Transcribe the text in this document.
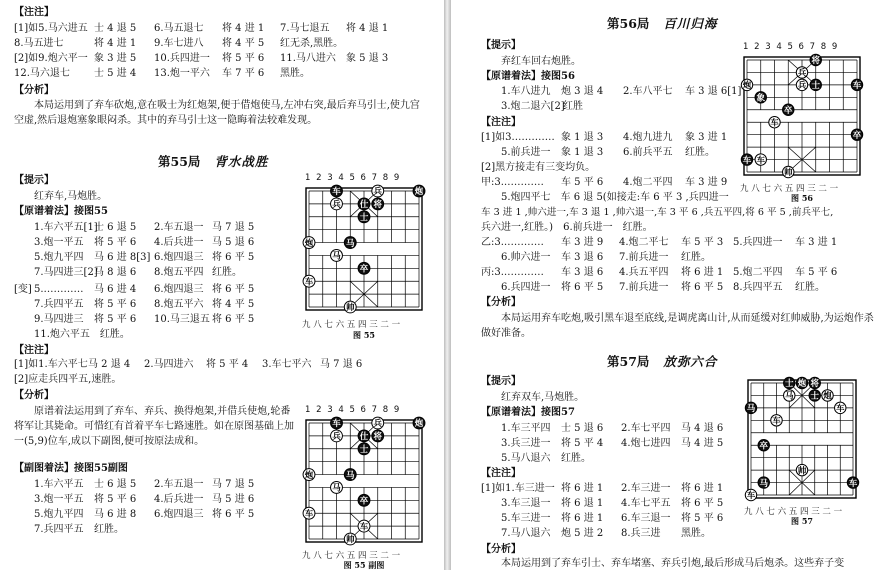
【注注】
[1]如5.马六进五 士 4 退 5 6.马五退七 将 4 进 1 7.马七退五 将 4 退 1
8.马五进七	将 4 进 1 9.车七进八 将 4 平 5 红无杀,黑胜。
[2]如9.炮六平一 象 3 进 5 10.兵四进一 将 5 平 6 11.马八进六 象 5 退 3
12.马六退七 士 5 进 4 13.炮一平六 车 7 平 6 黑胜。
【分析】
本局运用到了弃车砍炮,意在吸士为红炮架,便于借炮使马,左冲右突,最后弃马引士,使九宫空虚,然后退炮塞象眼闷杀。其中的弃马引士这一隐晦着法较难发现。
第55局 背水战胜
【提示】
红弃车,马炮胜。
【原谱着法】接图55
1.车六平五[1]士 6 退 5 2.车五退一 马 7 退 5
3.炮一平五 将 5 平 6 4.后兵进一 马 5 退 6
5.炮九平四 马 6 进 8[3] 6.炮四退三 将 6 平 5
7.马四进三[2]马 8 退 6 8.炮五平四 红胜。
[变] 5.………… 马 6 进 4 6.炮四退三 将 6 平 5
7.兵四平五 将 5 平 6 8.炮五平六 将 4 平 5
9.马四进三 将 5 平 6 10.马三退五 将 6 平 5
11.炮六平五　红胜。
【注注】
[1]如1.车六平七马 2 退 4 2.马四进六 将 5 平 4 3.车七平六 马 7 退 6
[2]应走兵四平五,速胜。
【分析】
原谱着法运用到了弃车、弃兵、换得炮架,并借兵使炮,轮番将军让其毙命。可惜红有首着平车七路速胜。如在原图基础上加一(5,9)位车,成以下副图,便可按原法成和。
【副图着法】接图55副图
1.车六平五 士 6 退 5 2.车五退一 马 7 退 5
3.炮一平五 将 5 平 6 4.后兵进一 马 5 进 6
5.炮九平四 马 6 进 8 6.炮四退三 将 6 平 5
7.兵四平五 红胜。
1 2 3 4 5 6 7 8 9
车	兵	炮
兵 仕 将
士
炮	马
马
卒
车
帅
九 八 七 六 五 四 三 二 一
图 55
1 2 3 4 5 6 7 8 9
车	兵	炮
兵 仕 将
士
炮	马
马
卒
车
车
帅
九 八 七 六 五 四 三 二 一
图 55 副图
第56局 百川归海
【提示】
弃红车回右炮胜。
【原谱着法】接图56
1.车八进九 炮 3 退 4 2.车八平七 车 3 退 6[1]
3.炮二退六[2]红胜
【注注】
[1]如3.………… 象 1 退 3 4.炮九进九 象 3 进 1
5.前兵进一 象 1 退 3 6.前兵平五 红胜。
[2]黑方接走有三变均负。
甲:3.………… 车 5 平 6 4.炮二平四 车 3 进 9
5.炮四平七　车 6 退 5(如接走:车 6 平 3 ,兵四进一
车 3 进 1 ,帅六进一,车 3 退 1 ,帅六退一,车 3 平 6 ,兵五平四,将 6 平 5 ,前兵平七,
兵六进一,红胜。)　6.前兵进一　红胜。
乙:3.………… 车 3 进 9 4.炮二平七 车 5 平 3 5.兵四进一 车 3 进 1
6.帅六进一 车 3 退 6 7.前兵进一 红胜。
丙:3.………… 车 3 退 6 4.兵五平四 将 6 进 1 5.炮二平四 车 5 平 6
6.兵四进一 将 6 平 5 7.前兵进一 将 6 平 5 8.兵四平五 红胜。
【分析】
本局运用弃车吃炮,吸引黑车退至底线,是调虎离山计,从而延缓对红帅威胁,为运炮作杀做好准备。
1 2 3 4 5 6 7 8 9
将
兵
兵 士
炮	车
象
卒
车
卒
车 车
帅
九 八 七 六 五 四 三 二 一
图 56
第57局 放弥六合
【提示】
红弃双车,马炮胜。
【原谱着法】接图57
1.车三平四 士 5 退 6 2.车七平四 马 4 退 6
3.兵三进一 将 5 平 4 4.炮七进四 马 4 进 5
5.马八退六 红胜。
【注注】
[1]如1.车三进一 将 6 进 1 2.车三进一 将 6 进 1
3.车三退一 将 6 退 1 4.车七平五 将 6 平 5
5.车三进一 将 6 进 1 6.车三退一 将 5 平 6
7.马八退六 炮 5 进 2 8.兵三进 黑胜。
【分析】
本局运用到了弃车引士、弃车堵塞、弃兵引炮,最后形成马后炮杀。这些弃子变
士 炮 将
马 士 炮
马	车
车
卒
帅
马	车
车
九 八 七 六 五 四 三 二 一
图 57
